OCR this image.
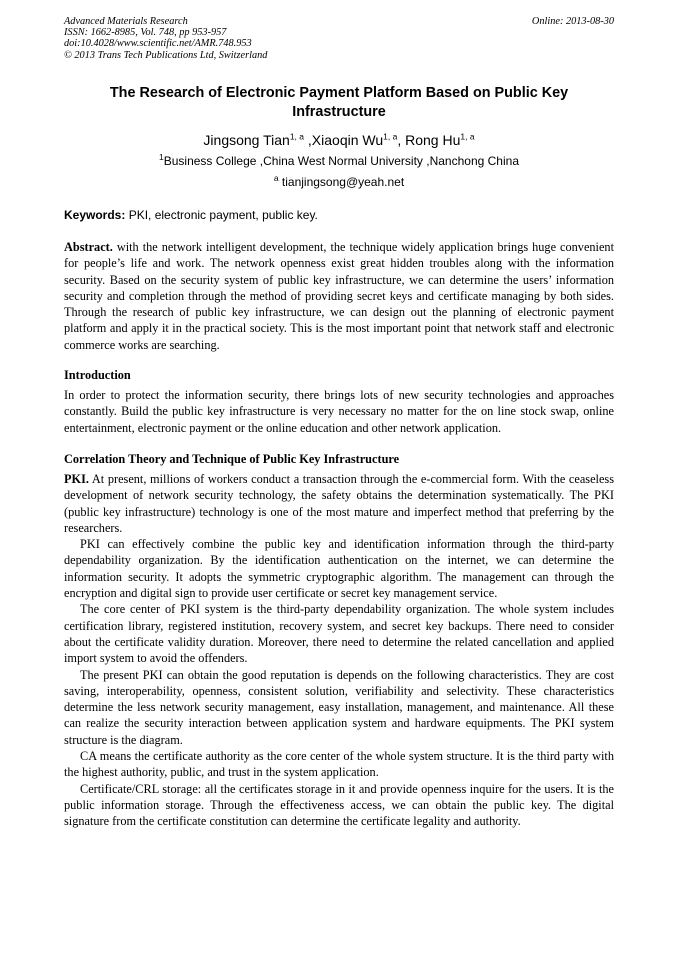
Advanced Materials Research
ISSN: 1662-8985, Vol. 748, pp 953-957
doi:10.4028/www.scientific.net/AMR.748.953
© 2013 Trans Tech Publications Ltd, Switzerland
Online: 2013-08-30
The Research of Electronic Payment Platform Based on Public Key Infrastructure
Jingsong Tian$^{1, a}$ ,Xiaoqin Wu$^{1, a}$, Rong Hu$^{1, a}$
$^1$Business College ,China West Normal University ,Nanchong China
$^a$ tianjingsong@yeah.net
Keywords: PKI, electronic payment, public key.
Abstract. with the network intelligent development, the technique widely application brings huge convenient for people’s life and work. The network openness exist great hidden troubles along with the information security. Based on the security system of public key infrastructure, we can determine the users’ information security and completion through the method of providing secret keys and certificate managing by both sides. Through the research of public key infrastructure, we can design out the planning of electronic payment platform and apply it in the practical society. This is the most important point that network staff and electronic commerce works are searching.
Introduction

In order to protect the information security, there brings lots of new security technologies and approaches constantly. Build the public key infrastructure is very necessary no matter for the on line stock swap, online entertainment, electronic payment or the online education and other network application.

Correlation Theory and Technique of Public Key Infrastructure

PKI. At present, millions of workers conduct a transaction through the e-commercial form. With the ceaseless development of network security technology, the safety obtains the determination systematically. The PKI (public key infrastructure) technology is one of the most mature and imperfect method that preferring by the researchers.

PKI can effectively combine the public key and identification information through the third-party dependability organization. By the identification authentication on the internet, we can determine the information security. It adopts the symmetric cryptographic algorithm. The management can through the encryption and digital sign to provide user certificate or secret key management service.

The core center of PKI system is the third-party dependability organization. The whole system includes certification library, registered institution, recovery system, and secret key backups. There need to consider about the certificate validity duration. Moreover, there need to determine the related cancellation and applied import system to avoid the offenders.

The present PKI can obtain the good reputation is depends on the following characteristics. They are cost saving, interoperability, openness, consistent solution, verifiability and selectivity. These characteristics determine the less network security management, easy installation, management, and maintenance. All these can realize the security interaction between application system and hardware equipments. The PKI system structure is the diagram.

CA means the certificate authority as the core center of the whole system structure. It is the third party with the highest authority, public, and trust in the system application.

Certificate/CRL storage: all the certificates storage in it and provide openness inquire for the users. It is the public information storage. Through the effectiveness access, we can obtain the public key. The digital signature from the certificate constitution can determine the certificate legality and authority.
